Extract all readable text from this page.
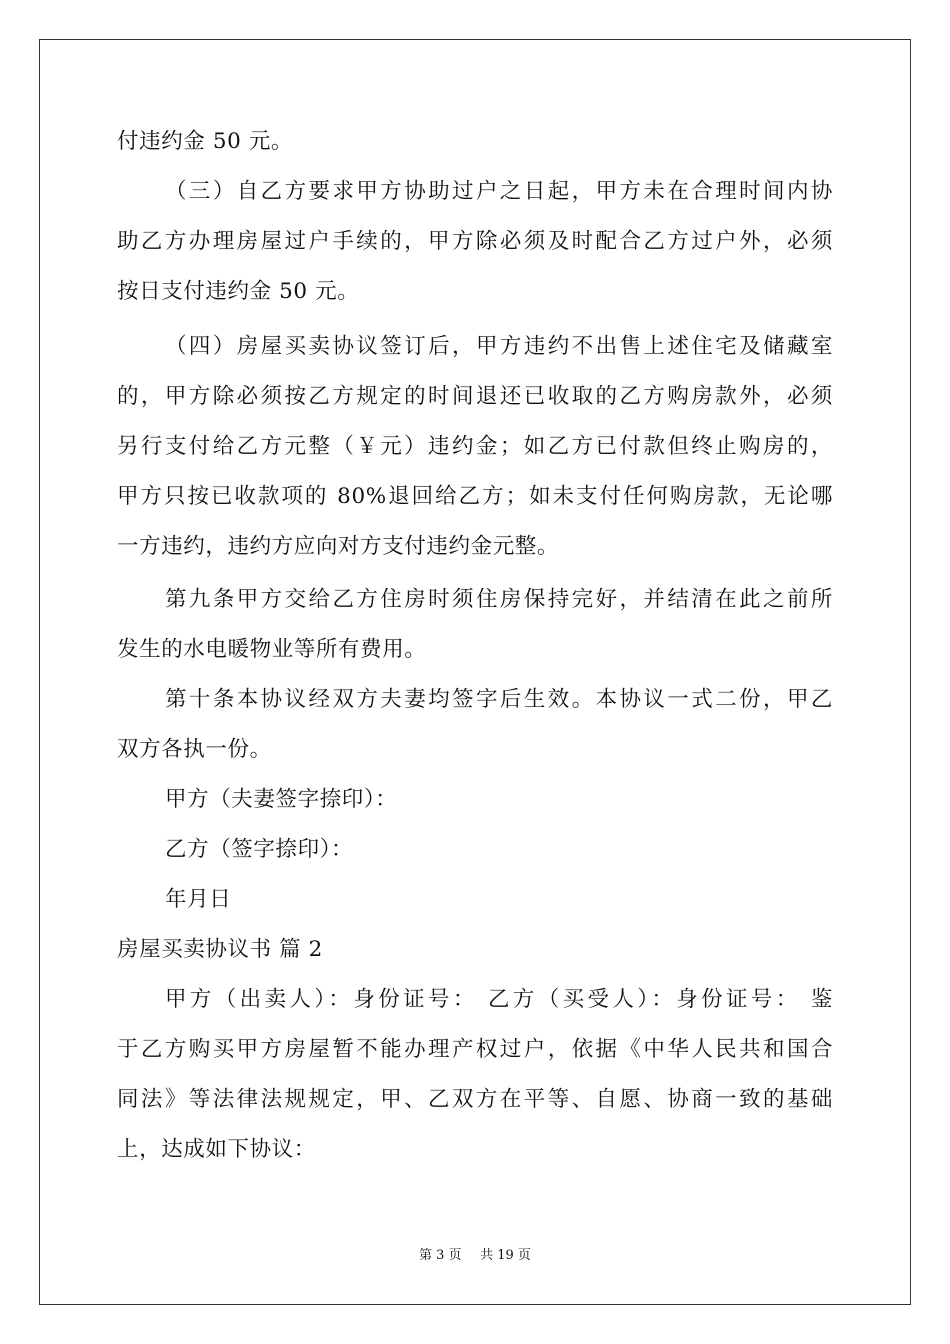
付违约金 50 元。
（三）自乙方要求甲方协助过户之日起，甲方未在合理时间内协
助乙方办理房屋过户手续的，甲方除必须及时配合乙方过户外，必须
按日支付违约金 50 元。
（四）房屋买卖协议签订后，甲方违约不出售上述住宅及储藏室
的，甲方除必须按乙方规定的时间退还已收取的乙方购房款外，必须
另行支付给乙方元整（￥元）违约金；如乙方已付款但终止购房的，
甲方只按已收款项的 80%退回给乙方；如未支付任何购房款，无论哪
一方违约，违约方应向对方支付违约金元整。
第九条甲方交给乙方住房时须住房保持完好，并结清在此之前所
发生的水电暖物业等所有费用。
第十条本协议经双方夫妻均签字后生效。本协议一式二份，甲乙
双方各执一份。
甲方（夫妻签字捺印）：
乙方（签字捺印）：
年月日
房屋买卖协议书 篇 2
甲方（出卖人）：身份证号： 乙方（买受人）：身份证号： 鉴
于乙方购买甲方房屋暂不能办理产权过户，依据《中华人民共和国合
同法》等法律法规规定，甲、乙双方在平等、自愿、协商一致的基础
上，达成如下协议：
第 3 页 共 19 页
